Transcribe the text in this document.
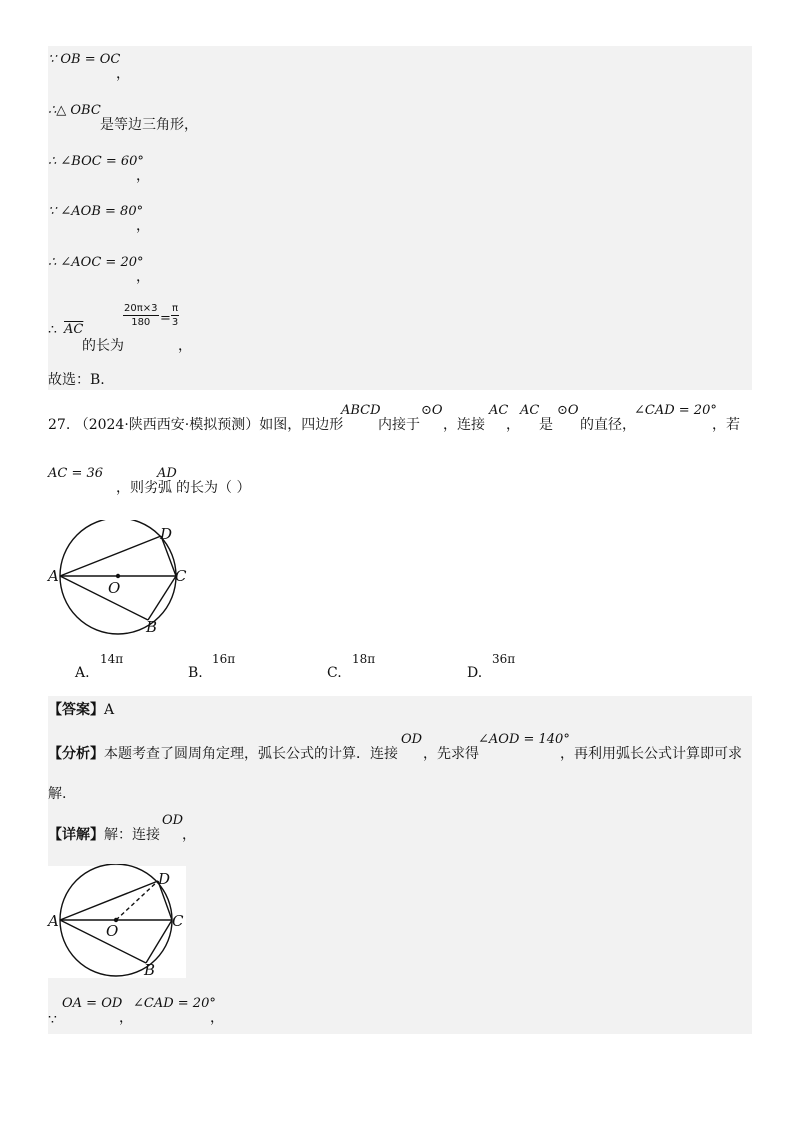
∵ OB = OC
，
∴△ OBC
是等边三角形，
∴ ∠BOC = 60°
，
∵ ∠AOB = 80°
，
∴ ∠AOC = 20°
，
∴ $\overline{AC}$
20π×3
180 =
π
3
的长为	，
故选：B.
27. （2024·陕西西安·模拟预测）如图，四边形
ABCD
内接于
⊙O
，连接
AC
，
AC
是
⊙O
的直径，
∠CAD = 20°
，若
AC = 36
，则劣弧
AD
的长为（ ）
A
D
C
B
O
A.
14π
B.
16π
C.
18π
D.
36π
【答案】A
【分析】本题考查了圆周角定理，弧长公式的计算．连接
OD
，先求得
∠AOD = 140°
，再利用弧长公式计算即可求
解.
【详解】解：连接
OD
，
A
D
C
B
O
∵
OA = OD
，
∠CAD = 20°
，
